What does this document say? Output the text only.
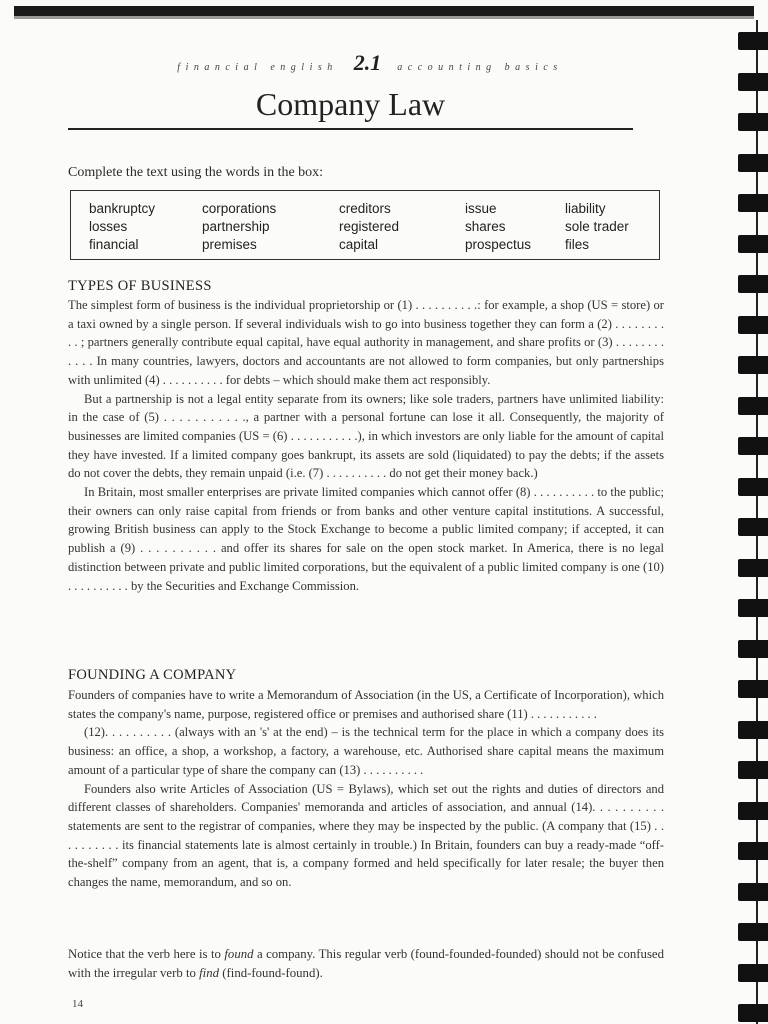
financial english 2.1 accounting basics
Company Law
Complete the text using the words in the box:
bankruptcy
losses
financial
corporations
partnership
premises
creditors
registered
capital
issue
shares
prospectus
liability
sole trader
files
TYPES OF BUSINESS

The simplest form of business is the individual proprietorship or (1) . . . . . . . . . .: for example, a shop (US = store) or a taxi owned by a single person. If several individuals wish to go into business together they can form a (2) . . . . . . . . . . ; partners generally contribute equal capital, have equal authority in management, and share profits or (3) . . . . . . . . . . . . In many countries, lawyers, doctors and accountants are not allowed to form companies, but only partnerships with unlimited (4) . . . . . . . . . . for debts – which should make them act responsibly.

But a partnership is not a legal entity separate from its owners; like sole traders, partners have unlimited liability: in the case of (5) . . . . . . . . . . ., a partner with a personal fortune can lose it all. Consequently, the majority of businesses are limited companies (US = (6) . . . . . . . . . . .), in which investors are only liable for the amount of capital they have invested. If a limited company goes bankrupt, its assets are sold (liquidated) to pay the debts; if the assets do not cover the debts, they remain unpaid (i.e. (7) . . . . . . . . . . do not get their money back.)

In Britain, most smaller enterprises are private limited companies which cannot offer (8) . . . . . . . . . . to the public; their owners can only raise capital from friends or from banks and other venture capital institutions. A successful, growing British business can apply to the Stock Exchange to become a public limited company; if accepted, it can publish a (9) . . . . . . . . . . and offer its shares for sale on the open stock market. In America, there is no legal distinction between private and public limited corporations, but the equivalent of a public limited company is one (10) . . . . . . . . . . by the Securities and Exchange Commission.

FOUNDING A COMPANY

Founders of companies have to write a Memorandum of Association (in the US, a Certificate of Incorporation), which states the company's name, purpose, registered office or premises and authorised share (11) . . . . . . . . . . .

(12). . . . . . . . . . (always with an 's' at the end) – is the technical term for the place in which a company does its business: an office, a shop, a workshop, a factory, a warehouse, etc. Authorised share capital means the maximum amount of a particular type of share the company can (13) . . . . . . . . . .

Founders also write Articles of Association (US = Bylaws), which set out the rights and duties of directors and different classes of shareholders. Companies' memoranda and articles of association, and annual (14). . . . . . . . . . statements are sent to the registrar of companies, where they may be inspected by the public. (A company that (15) . . . . . . . . . . its financial statements late is almost certainly in trouble.) In Britain, founders can buy a ready-made “off-the-shelf” company from an agent, that is, a company formed and held specifically for later resale; the buyer then changes the name, memorandum, and so on.

Notice that the verb here is to found a company. This regular verb (found-founded-founded) should not be confused with the irregular verb to find (find-found-found).
14
